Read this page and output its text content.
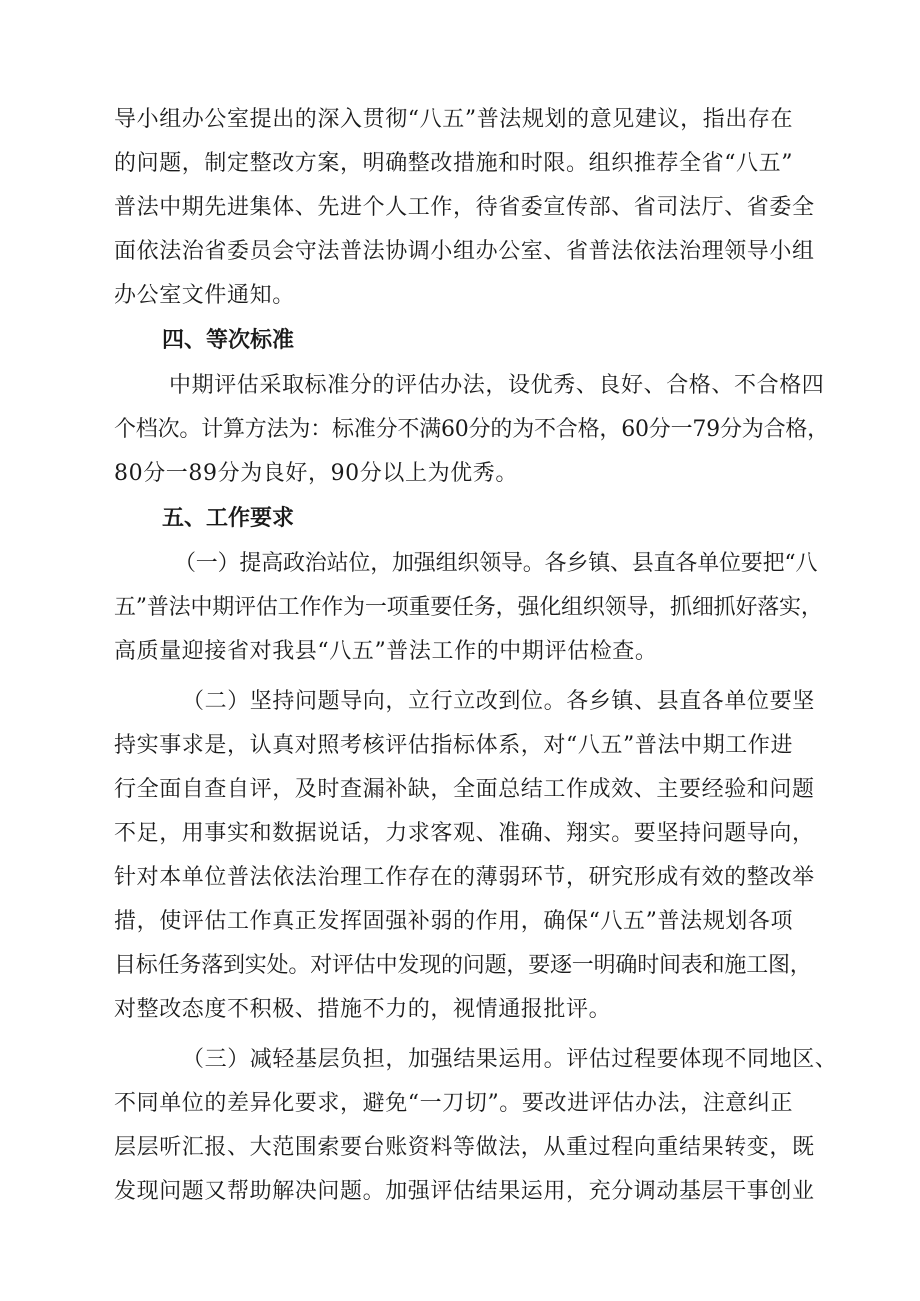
导小组办公室提出的深入贯彻“八五”普法规划的意见建议，指出存在
的问题，制定整改方案，明确整改措施和时限。组织推荐全省“八五”
普法中期先进集体、先进个人工作，待省委宣传部、省司法厅、省委全
面依法治省委员会守法普法协调小组办公室、省普法依法治理领导小组
办公室文件通知。
四、等次标准
中期评估采取标准分的评估办法，设优秀、良好、合格、不合格四
个档次。计算方法为：标准分不满60分的为不合格，60分一79分为合格，
80分一89分为良好，90分以上为优秀。
五、工作要求
（一）提高政治站位，加强组织领导。各乡镇、县直各单位要把“八
五”普法中期评估工作作为一项重要任务，强化组织领导，抓细抓好落实，
高质量迎接省对我县“八五”普法工作的中期评估检查。
（二）坚持问题导向，立行立改到位。各乡镇、县直各单位要坚
持实事求是，认真对照考核评估指标体系，对“八五”普法中期工作进
行全面自查自评，及时查漏补缺，全面总结工作成效、主要经验和问题
不足，用事实和数据说话，力求客观、准确、翔实。要坚持问题导向，
针对本单位普法依法治理工作存在的薄弱环节，研究形成有效的整改举
措，使评估工作真正发挥固强补弱的作用，确保“八五”普法规划各项
目标任务落到实处。对评估中发现的问题，要逐一明确时间表和施工图，
对整改态度不积极、措施不力的，视情通报批评。
（三）减轻基层负担，加强结果运用。评估过程要体现不同地区、
不同单位的差异化要求，避免“一刀切”。要改进评估办法，注意纠正
层层听汇报、大范围索要台账资料等做法，从重过程向重结果转变，既
发现问题又帮助解决问题。加强评估结果运用，充分调动基层干事创业
